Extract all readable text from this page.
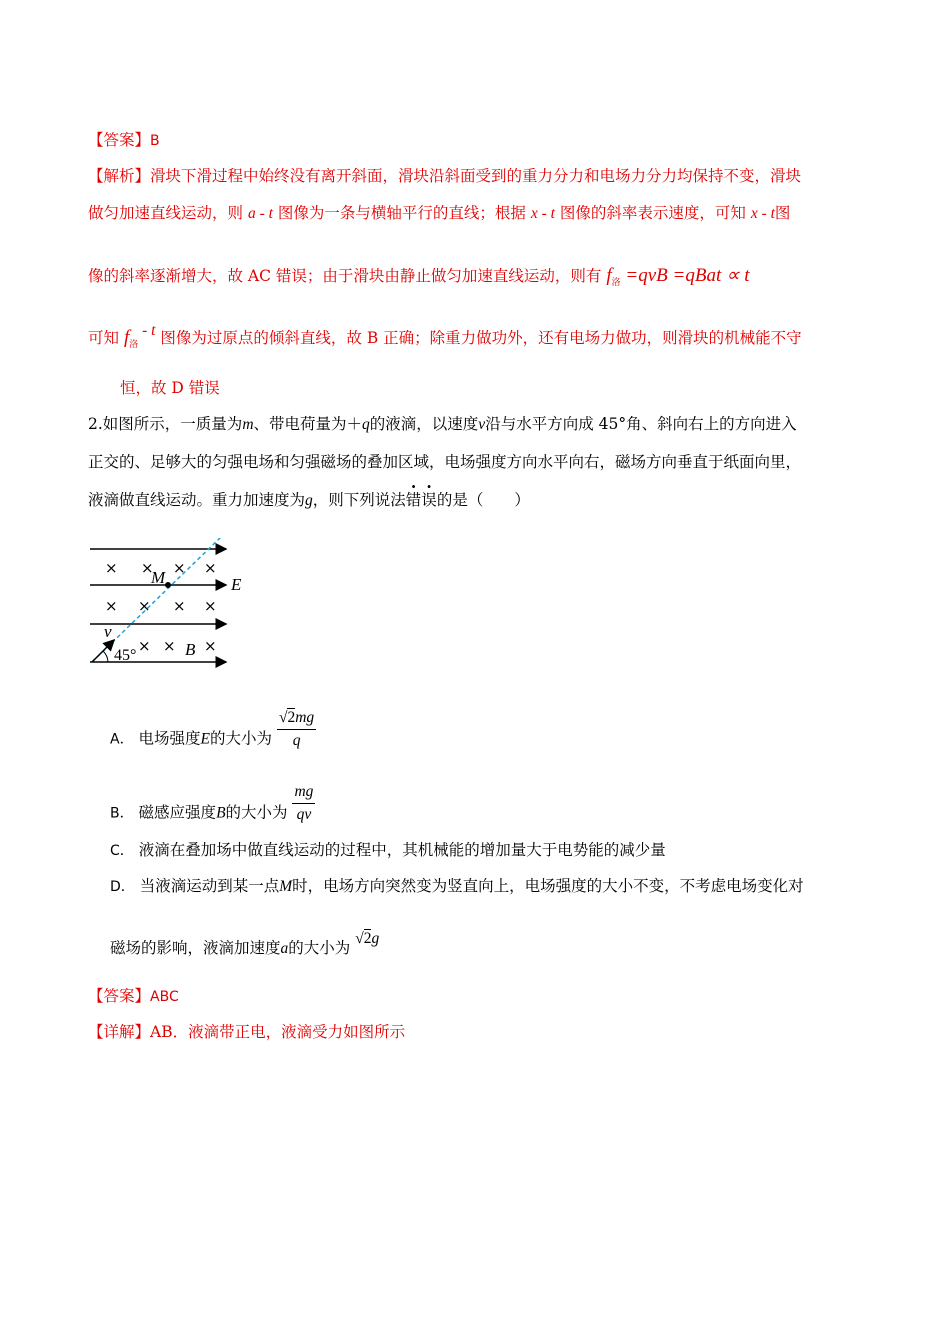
【答案】B
【解析】滑块下滑过程中始终没有离开斜面，滑块沿斜面受到的重力分力和电场力分力均保持不变，滑块
做匀加速直线运动，则 a - t 图像为一条与横轴平行的直线；根据 x - t 图像的斜率表示速度，可知 x - t图
像的斜率逐渐增大，故 AC 错误；由于滑块由静止做匀加速直线运动，则有 $f_洛 =qvB$ =qBat ∝ t
可知 $f_洛$ - t 图像为过原点的倾斜直线，故 B 正确；除重力做功外，还有电场力做功，则滑块的机械能不守
恒，故 D 错误
2.如图所示，一质量为m、带电荷量为＋q的液滴，以速度v沿与水平方向成 45°角、斜向右上的方向进入
正交的、足够大的匀强电场和匀强磁场的叠加区域，电场强度方向水平向右，磁场方向垂直于纸面向里，
液滴做直线运动。重力加速度为g，则下列说法错误的是（　　）
× × × ×
× × × ×
× × ×
M	E
v
B
45°
A． 电场强度E的大小为 $\frac{√2mg}{q}$
B． 磁感应强度B的大小为 $\frac{mg}{qv}$
C． 液滴在叠加场中做直线运动的过程中，其机械能的增加量大于电势能的减少量
D． 当液滴运动到某一点M时，电场方向突然变为竖直向上，电场强度的大小不变，不考虑电场变化对
磁场的影响，液滴加速度a的大小为 √2g
【答案】ABC
【详解】AB．液滴带正电，液滴受力如图所示
